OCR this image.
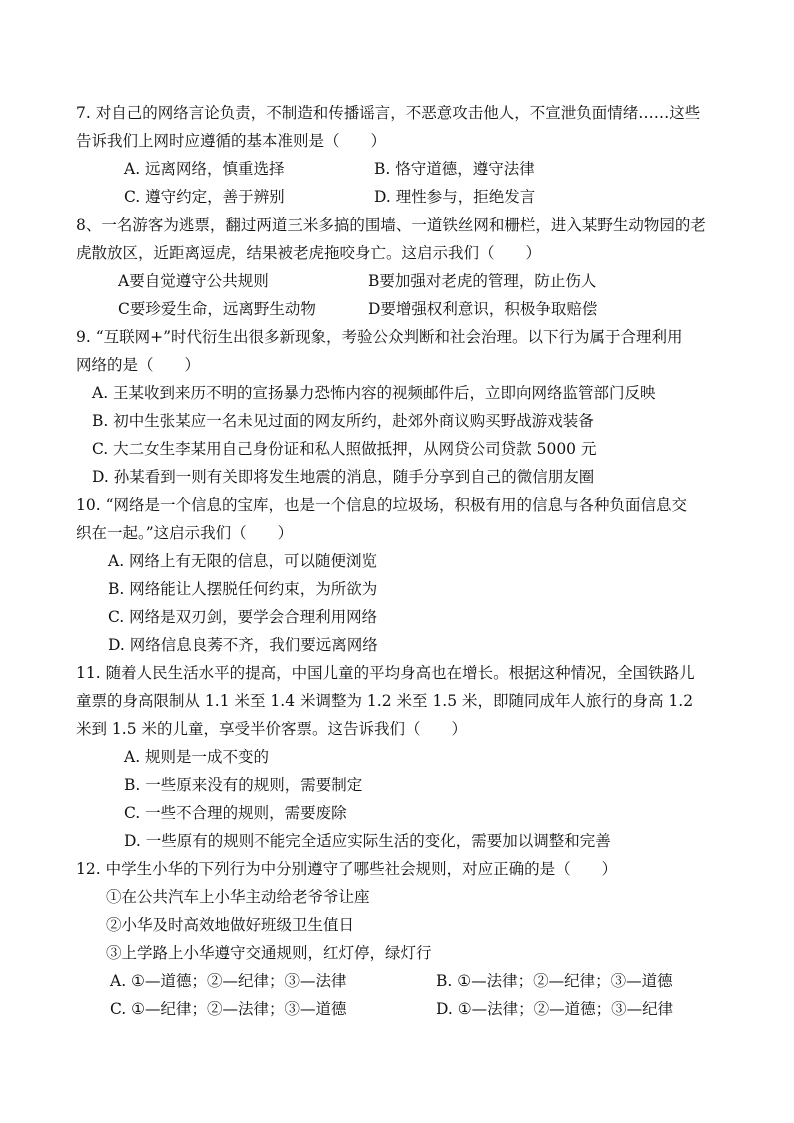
7. 对自己的网络言论负责，不制造和传播谣言，不恶意攻击他人，不宣泄负面情绪……这些
告诉我们上网时应遵循的基本准则是（　　）
A. 远离网络，慎重选择	B. 恪守道德，遵守法律
C. 遵守约定，善于辨别	D. 理性参与，拒绝发言
8、一名游客为逃票，翻过两道三米多搞的围墙、一道铁丝网和栅栏，进入某野生动物园的老
虎散放区，近距离逗虎，结果被老虎拖咬身亡。这启示我们（　　）
A要自觉遵守公共规则	B要加强对老虎的管理，防止伤人
C要珍爱生命，远离野生动物	D要增强权利意识，积极争取赔偿
9. “互联网+”时代衍生出很多新现象，考验公众判断和社会治理。以下行为属于合理利用
网络的是（　　）
A. 王某收到来历不明的宣扬暴力恐怖内容的视频邮件后，立即向网络监管部门反映
B. 初中生张某应一名未见过面的网友所约，赴郊外商议购买野战游戏装备
C. 大二女生李某用自己身份证和私人照做抵押，从网贷公司贷款 5000 元
D. 孙某看到一则有关即将发生地震的消息，随手分享到自己的微信朋友圈
10. “网络是一个信息的宝库，也是一个信息的垃圾场，积极有用的信息与各种负面信息交
织在一起。”这启示我们（　　）
A. 网络上有无限的信息，可以随便浏览
B. 网络能让人摆脱任何约束，为所欲为
C. 网络是双刃剑，要学会合理利用网络
D. 网络信息良莠不齐，我们要远离网络
11. 随着人民生活水平的提高，中国儿童的平均身高也在增长。根据这种情况，全国铁路儿
童票的身高限制从 1.1 米至 1.4 米调整为 1.2 米至 1.5 米，即随同成年人旅行的身高 1.2
米到 1.5 米的儿童，享受半价客票。这告诉我们（　　）
A. 规则是一成不变的
B. 一些原来没有的规则，需要制定
C. 一些不合理的规则，需要废除
D. 一些原有的规则不能完全适应实际生活的变化，需要加以调整和完善
12. 中学生小华的下列行为中分别遵守了哪些社会规则，对应正确的是（　　）
①在公共汽车上小华主动给老爷爷让座
②小华及时高效地做好班级卫生值日
③上学路上小华遵守交通规则，红灯停，绿灯行
A. ①—道德；②—纪律；③—法律	B. ①—法律；②—纪律；③—道德
C. ①—纪律；②—法律；③—道德	D. ①—法律；②—道德；③—纪律
